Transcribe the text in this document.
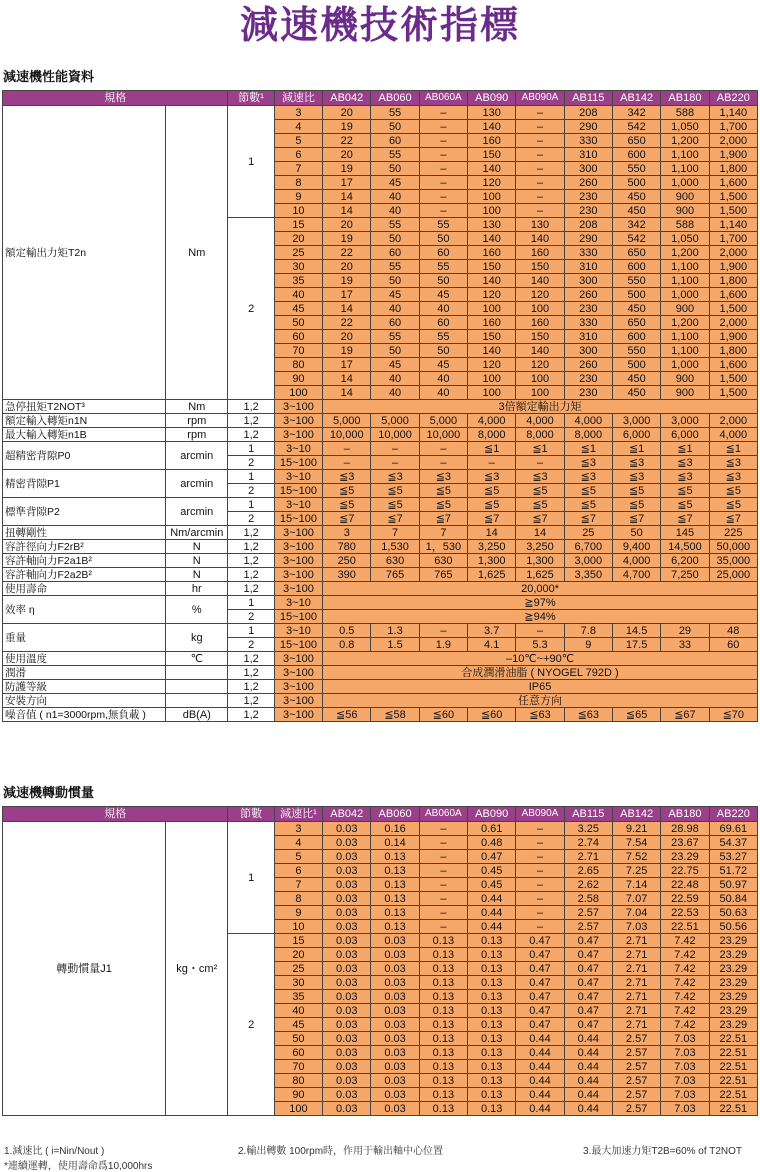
減速機技術指標
減速機性能資料
規格		節數¹	減速比	AB042	AB060	AB060A	AB090	AB090A	AB115	AB142	AB180	AB220
額定輸出力矩T2n	Nm	1	3	20	55	–	130	–	208	342	588	1,140
			4	19	50	–	140	–	290	542	1,050	1,700
			5	22	60	–	160	–	330	650	1,200	2,000
			6	20	55	–	150	–	310	600	1,100	1,900
			7	19	50	–	140	–	300	550	1,100	1,800
			8	17	45	–	120	–	260	500	1,000	1,600
			9	14	40	–	100	–	230	450	900	1,500
			10	14	40	–	100	–	230	450	900	1,500
		2	15	20	55	55	130	130	208	342	588	1,140
			20	19	50	50	140	140	290	542	1,050	1,700
			25	22	60	60	160	160	330	650	1,200	2,000
			30	20	55	55	150	150	310	600	1,100	1,900
			35	19	50	50	140	140	300	550	1,100	1,800
			40	17	45	45	120	120	260	500	1,000	1,600
			45	14	40	40	100	100	230	450	900	1,500
			50	22	60	60	160	160	330	650	1,200	2,000
			60	20	55	55	150	150	310	600	1,100	1,900
			70	19	50	50	140	140	300	550	1,100	1,800
			80	17	45	45	120	120	260	500	1,000	1,600
			90	14	40	40	100	100	230	450	900	1,500
			100	14	40	40	100	100	230	450	900	1,500
急停扭矩T2NOT³	Nm	1,2	3~100	3倍額定輸出力矩								
額定輸入轉矩n1N	rpm	1,2	3~100	5,000	5,000	5,000	4,000	4,000	4,000	3,000	3,000	2,000
最大輸入轉矩n1B	rpm	1,2	3~100	10,000	10,000	10,000	8,000	8,000	8,000	6,000	6,000	4,000
超精密背隙P0	arcmin	1	3~10	–	–	–	≦1	≦1	≦1	≦1	≦1	≦1
		2	15~100	–	–	–	–	–	≦3	≦3	≦3	≦3
精密背隙P1	arcmin	1	3~10	≦3	≦3	≦3	≦3	≦3	≦3	≦3	≦3	≦3
		2	15~100	≦5	≦5	≦5	≦5	≦5	≦5	≦5	≦5	≦5
標準背隙P2	arcmin	1	3~10	≦5	≦5	≦5	≦5	≦5	≦5	≦5	≦5	≦5
		2	15~100	≦7	≦7	≦7	≦7	≦7	≦7	≦7	≦7	≦7
扭轉剛性	Nm/arcmin	1,2	3~100	3	7	7	14	14	25	50	145	225
容許徑向力F2rB²	N	1,2	3~100	780	1,530	1，530	3,250	3,250	6,700	9,400	14,500	50,000
容許軸向力F2a1B²	N	1,2	3~100	250	630	630	1,300	1,300	3,000	4,000	6,200	35,000
容許軸向力F2a2B²	N	1,2	3~100	390	765	765	1,625	1,625	3,350	4,700	7,250	25,000
使用壽命	hr	1,2	3~100	20,000*								
效率 η	%	1	3~10	≧97%								
		2	15~100	≧94%								
重量	kg	1	3~10	0.5	1.3	–	3.7	–	7.8	14.5	29	48
		2	15~100	0.8	1.5	1.9	4.1	5.3	9	17.5	33	60
使用溫度	℃	1,2	3~100	–10℃~+90℃								
潤滑		1,2	3~100	合成潤滑油脂 ( NYOGEL 792D )								
防護等級		1,2	3~100	IP65								
安裝方向		1,2	3~100	任意方向								
噪音值 ( n1=3000rpm,無負載 )	dB(A)	1,2	3~100	≦56	≦58	≦60	≦60	≦63	≦63	≦65	≦67	≦70
減速機轉動慣量
規格		節數	減速比¹	AB042	AB060	AB060A	AB090	AB090A	AB115	AB142	AB180	AB220
轉動慣量J1	kg・cm²	1	3	0.03	0.16	–	0.61	–	3.25	9.21	28.98	69.61
			4	0.03	0.14	–	0.48	–	2.74	7.54	23.67	54.37
			5	0.03	0.13	–	0.47	–	2.71	7.52	23.29	53.27
			6	0.03	0.13	–	0.45	–	2.65	7.25	22.75	51.72
			7	0.03	0.13	–	0.45	–	2.62	7.14	22.48	50.97
			8	0.03	0.13	–	0.44	–	2.58	7.07	22.59	50.84
			9	0.03	0.13	–	0.44	–	2.57	7.04	22.53	50.63
			10	0.03	0.13	–	0.44	–	2.57	7.03	22.51	50.56
		2	15	0.03	0.03	0.13	0.13	0.47	0.47	2.71	7.42	23.29
			20	0.03	0.03	0.13	0.13	0.47	0.47	2.71	7.42	23.29
			25	0.03	0.03	0.13	0.13	0.47	0.47	2.71	7.42	23.29
			30	0.03	0.03	0.13	0.13	0.47	0.47	2.71	7.42	23.29
			35	0.03	0.03	0.13	0.13	0.47	0.47	2.71	7.42	23.29
			40	0.03	0.03	0.13	0.13	0.47	0.47	2.71	7.42	23.29
			45	0.03	0.03	0.13	0.13	0.47	0.47	2.71	7.42	23.29
			50	0.03	0.03	0.13	0.13	0.44	0.44	2.57	7.03	22.51
			60	0.03	0.03	0.13	0.13	0.44	0.44	2.57	7.03	22.51
			70	0.03	0.03	0.13	0.13	0.44	0.44	2.57	7.03	22.51
			80	0.03	0.03	0.13	0.13	0.44	0.44	2.57	7.03	22.51
			90	0.03	0.03	0.13	0.13	0.44	0.44	2.57	7.03	22.51
			100	0.03	0.03	0.13	0.13	0.44	0.44	2.57	7.03	22.51
1.減速比 ( i=Nin/Nout )	2.輸出轉數 100rpm時，作用于輸出軸中心位置	3.最大加速力矩T2B=60% of T2NOT
*連續運轉，使用壽命爲10,000hrs
